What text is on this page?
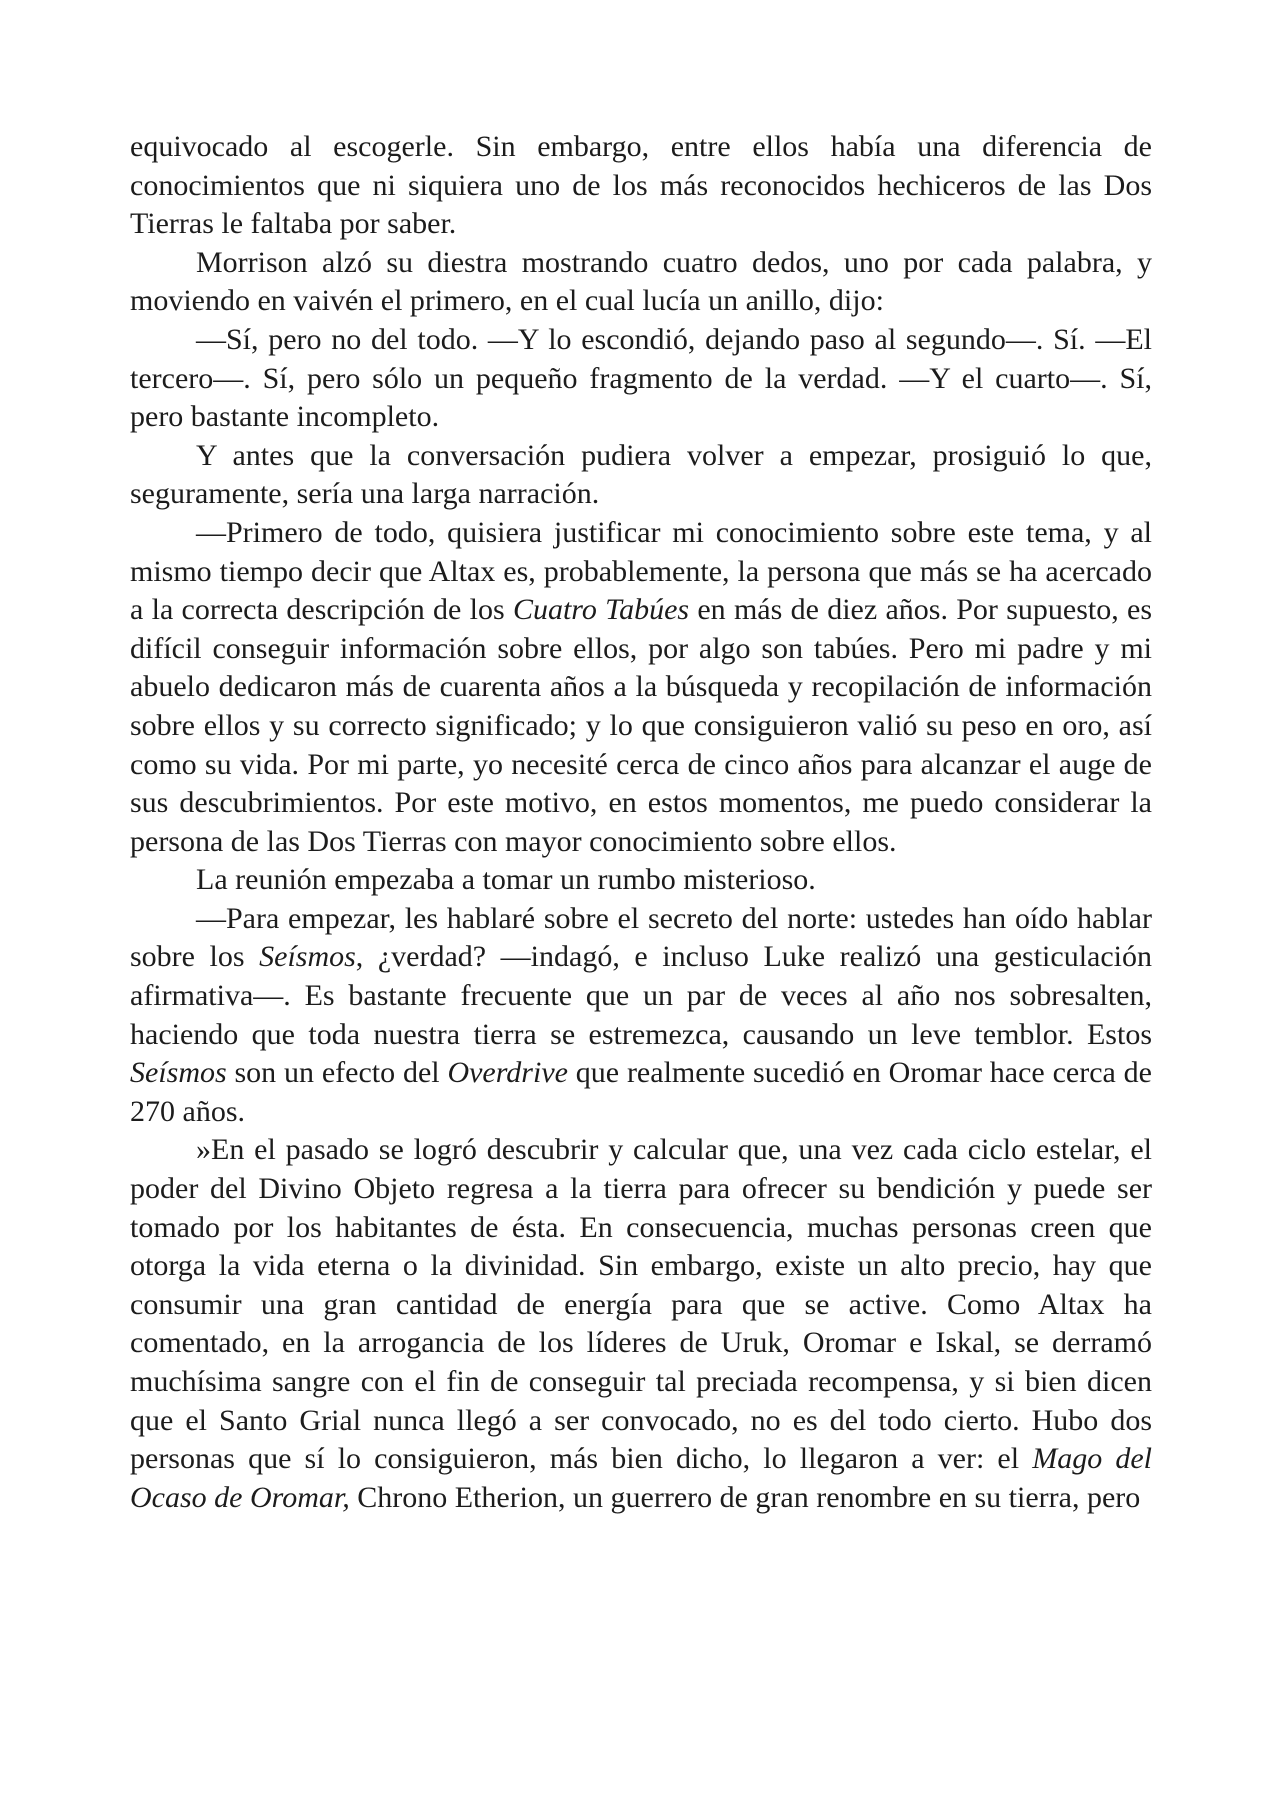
equivocado al escogerle. Sin embargo, entre ellos había una diferencia de conocimientos que ni siquiera uno de los más reconocidos hechiceros de las Dos Tierras le faltaba por saber.

Morrison alzó su diestra mostrando cuatro dedos, uno por cada palabra, y moviendo en vaivén el primero, en el cual lucía un anillo, dijo:

—Sí, pero no del todo. —Y lo escondió, dejando paso al segundo—. Sí. —El tercero—. Sí, pero sólo un pequeño fragmento de la verdad. —Y el cuarto—. Sí, pero bastante incompleto.

Y antes que la conversación pudiera volver a empezar, prosiguió lo que, seguramente, sería una larga narración.

—Primero de todo, quisiera justificar mi conocimiento sobre este tema, y al mismo tiempo decir que Altax es, probablemente, la persona que más se ha acercado a la correcta descripción de los Cuatro Tabúes en más de diez años. Por supuesto, es difícil conseguir información sobre ellos, por algo son tabúes. Pero mi padre y mi abuelo dedicaron más de cuarenta años a la búsqueda y recopilación de información sobre ellos y su correcto significado; y lo que consiguieron valió su peso en oro, así como su vida. Por mi parte, yo necesité cerca de cinco años para alcanzar el auge de sus descubrimientos. Por este motivo, en estos momentos, me puedo considerar la persona de las Dos Tierras con mayor conocimiento sobre ellos.

La reunión empezaba a tomar un rumbo misterioso.

—Para empezar, les hablaré sobre el secreto del norte: ustedes han oído hablar sobre los Seísmos, ¿verdad? —indagó, e incluso Luke realizó una gesticulación afirmativa—. Es bastante frecuente que un par de veces al año nos sobresalten, haciendo que toda nuestra tierra se estremezca, causando un leve temblor. Estos Seísmos son un efecto del Overdrive que realmente sucedió en Oromar hace cerca de 270 años.

»En el pasado se logró descubrir y calcular que, una vez cada ciclo estelar, el poder del Divino Objeto regresa a la tierra para ofrecer su bendición y puede ser tomado por los habitantes de ésta. En consecuencia, muchas personas creen que otorga la vida eterna o la divinidad. Sin embargo, existe un alto precio, hay que consumir una gran cantidad de energía para que se active. Como Altax ha comentado, en la arrogancia de los líderes de Uruk, Oromar e Iskal, se derramó muchísima sangre con el fin de conseguir tal preciada recompensa, y si bien dicen que el Santo Grial nunca llegó a ser convocado, no es del todo cierto. Hubo dos personas que sí lo consiguieron, más bien dicho, lo llegaron a ver: el Mago del Ocaso de Oromar, Chrono Etherion, un guerrero de gran renombre en su tierra, pero
